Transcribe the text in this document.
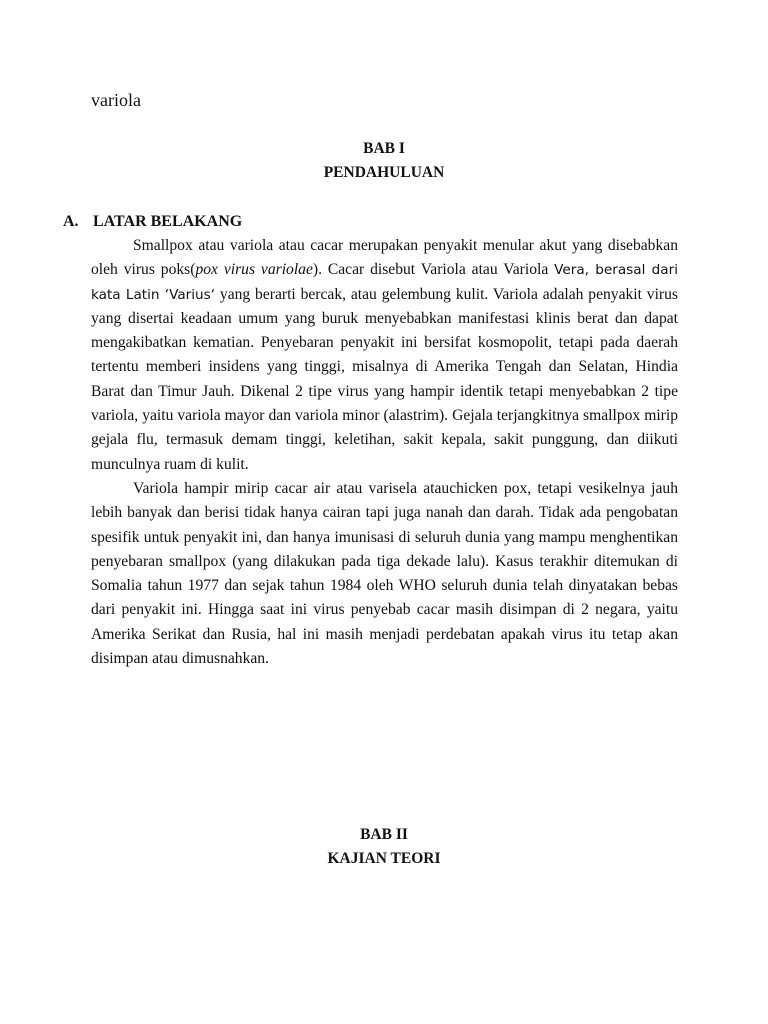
variola
BAB I
PENDAHULUAN
A. LATAR BELAKANG

Smallpox atau variola atau cacar merupakan penyakit menular akut yang disebabkan oleh virus poks(pox virus variolae). Cacar disebut Variola atau Variola Vera, berasal dari kata Latin ‘Varius‘ yang berarti bercak, atau gelembung kulit. Variola adalah penyakit virus yang disertai keadaan umum yang buruk menyebabkan manifestasi klinis berat dan dapat mengakibatkan kematian. Penyebaran penyakit ini bersifat kosmopolit, tetapi pada daerah tertentu memberi insidens yang tinggi, misalnya di Amerika Tengah dan Selatan, Hindia Barat dan Timur Jauh. Dikenal 2 tipe virus yang hampir identik tetapi menyebabkan 2 tipe variola, yaitu variola mayor dan variola minor (alastrim). Gejala terjangkitnya smallpox mirip gejala flu, termasuk demam tinggi, keletihan, sakit kepala, sakit punggung, dan diikuti munculnya ruam di kulit.

Variola hampir mirip cacar air atau varisela atauchicken pox, tetapi vesikelnya jauh lebih banyak dan berisi tidak hanya cairan tapi juga nanah dan darah. Tidak ada pengobatan spesifik untuk penyakit ini, dan hanya imunisasi di seluruh dunia yang mampu menghentikan penyebaran smallpox (yang dilakukan pada tiga dekade lalu). Kasus terakhir ditemukan di Somalia tahun 1977 dan sejak tahun 1984 oleh WHO seluruh dunia telah dinyatakan bebas dari penyakit ini. Hingga saat ini virus penyebab cacar masih disimpan di 2 negara, yaitu Amerika Serikat dan Rusia, hal ini masih menjadi perdebatan apakah virus itu tetap akan disimpan atau dimusnahkan.

BAB II
KAJIAN TEORI
